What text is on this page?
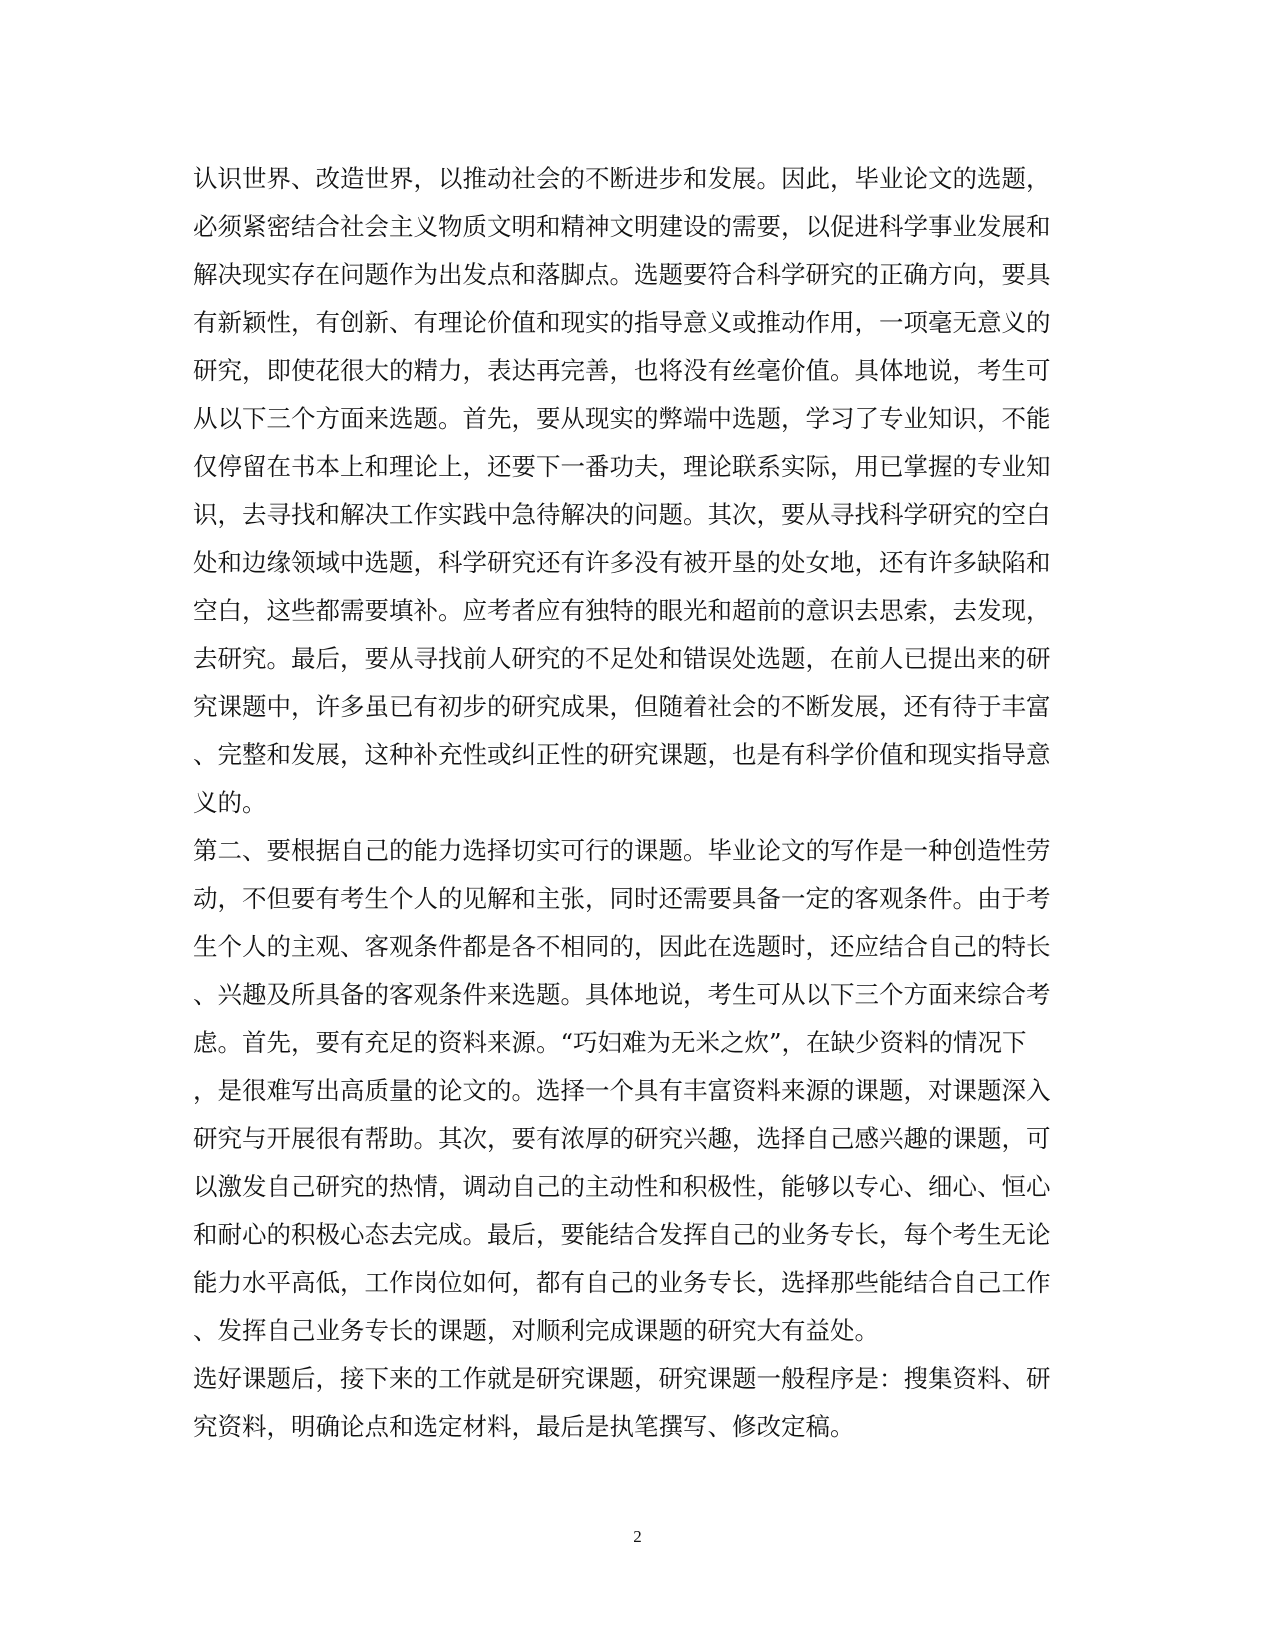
认识世界、改造世界，以推动社会的不断进步和发展。因此，毕业论文的选题，
必须紧密结合社会主义物质文明和精神文明建设的需要，以促进科学事业发展和
解决现实存在问题作为出发点和落脚点。选题要符合科学研究的正确方向，要具
有新颖性，有创新、有理论价值和现实的指导意义或推动作用，一项毫无意义的
研究，即使花很大的精力，表达再完善，也将没有丝毫价值。具体地说，考生可
从以下三个方面来选题。首先，要从现实的弊端中选题，学习了专业知识，不能
仅停留在书本上和理论上，还要下一番功夫，理论联系实际，用已掌握的专业知
识，去寻找和解决工作实践中急待解决的问题。其次，要从寻找科学研究的空白
处和边缘领域中选题，科学研究还有许多没有被开垦的处女地，还有许多缺陷和
空白，这些都需要填补。应考者应有独特的眼光和超前的意识去思索，去发现，
去研究。最后，要从寻找前人研究的不足处和错误处选题，在前人已提出来的研
究课题中，许多虽已有初步的研究成果，但随着社会的不断发展，还有待于丰富
、完整和发展，这种补充性或纠正性的研究课题，也是有科学价值和现实指导意
义的。
第二、要根据自己的能力选择切实可行的课题。毕业论文的写作是一种创造性劳
动，不但要有考生个人的见解和主张，同时还需要具备一定的客观条件。由于考
生个人的主观、客观条件都是各不相同的，因此在选题时，还应结合自己的特长
、兴趣及所具备的客观条件来选题。具体地说，考生可从以下三个方面来综合考
虑。首先，要有充足的资料来源。“巧妇难为无米之炊”，在缺少资料的情况下
，是很难写出高质量的论文的。选择一个具有丰富资料来源的课题，对课题深入
研究与开展很有帮助。其次，要有浓厚的研究兴趣，选择自己感兴趣的课题，可
以激发自己研究的热情，调动自己的主动性和积极性，能够以专心、细心、恒心
和耐心的积极心态去完成。最后，要能结合发挥自己的业务专长，每个考生无论
能力水平高低，工作岗位如何，都有自己的业务专长，选择那些能结合自己工作
、发挥自己业务专长的课题，对顺利完成课题的研究大有益处。
选好课题后，接下来的工作就是研究课题，研究课题一般程序是：搜集资料、研
究资料，明确论点和选定材料，最后是执笔撰写、修改定稿。
2
